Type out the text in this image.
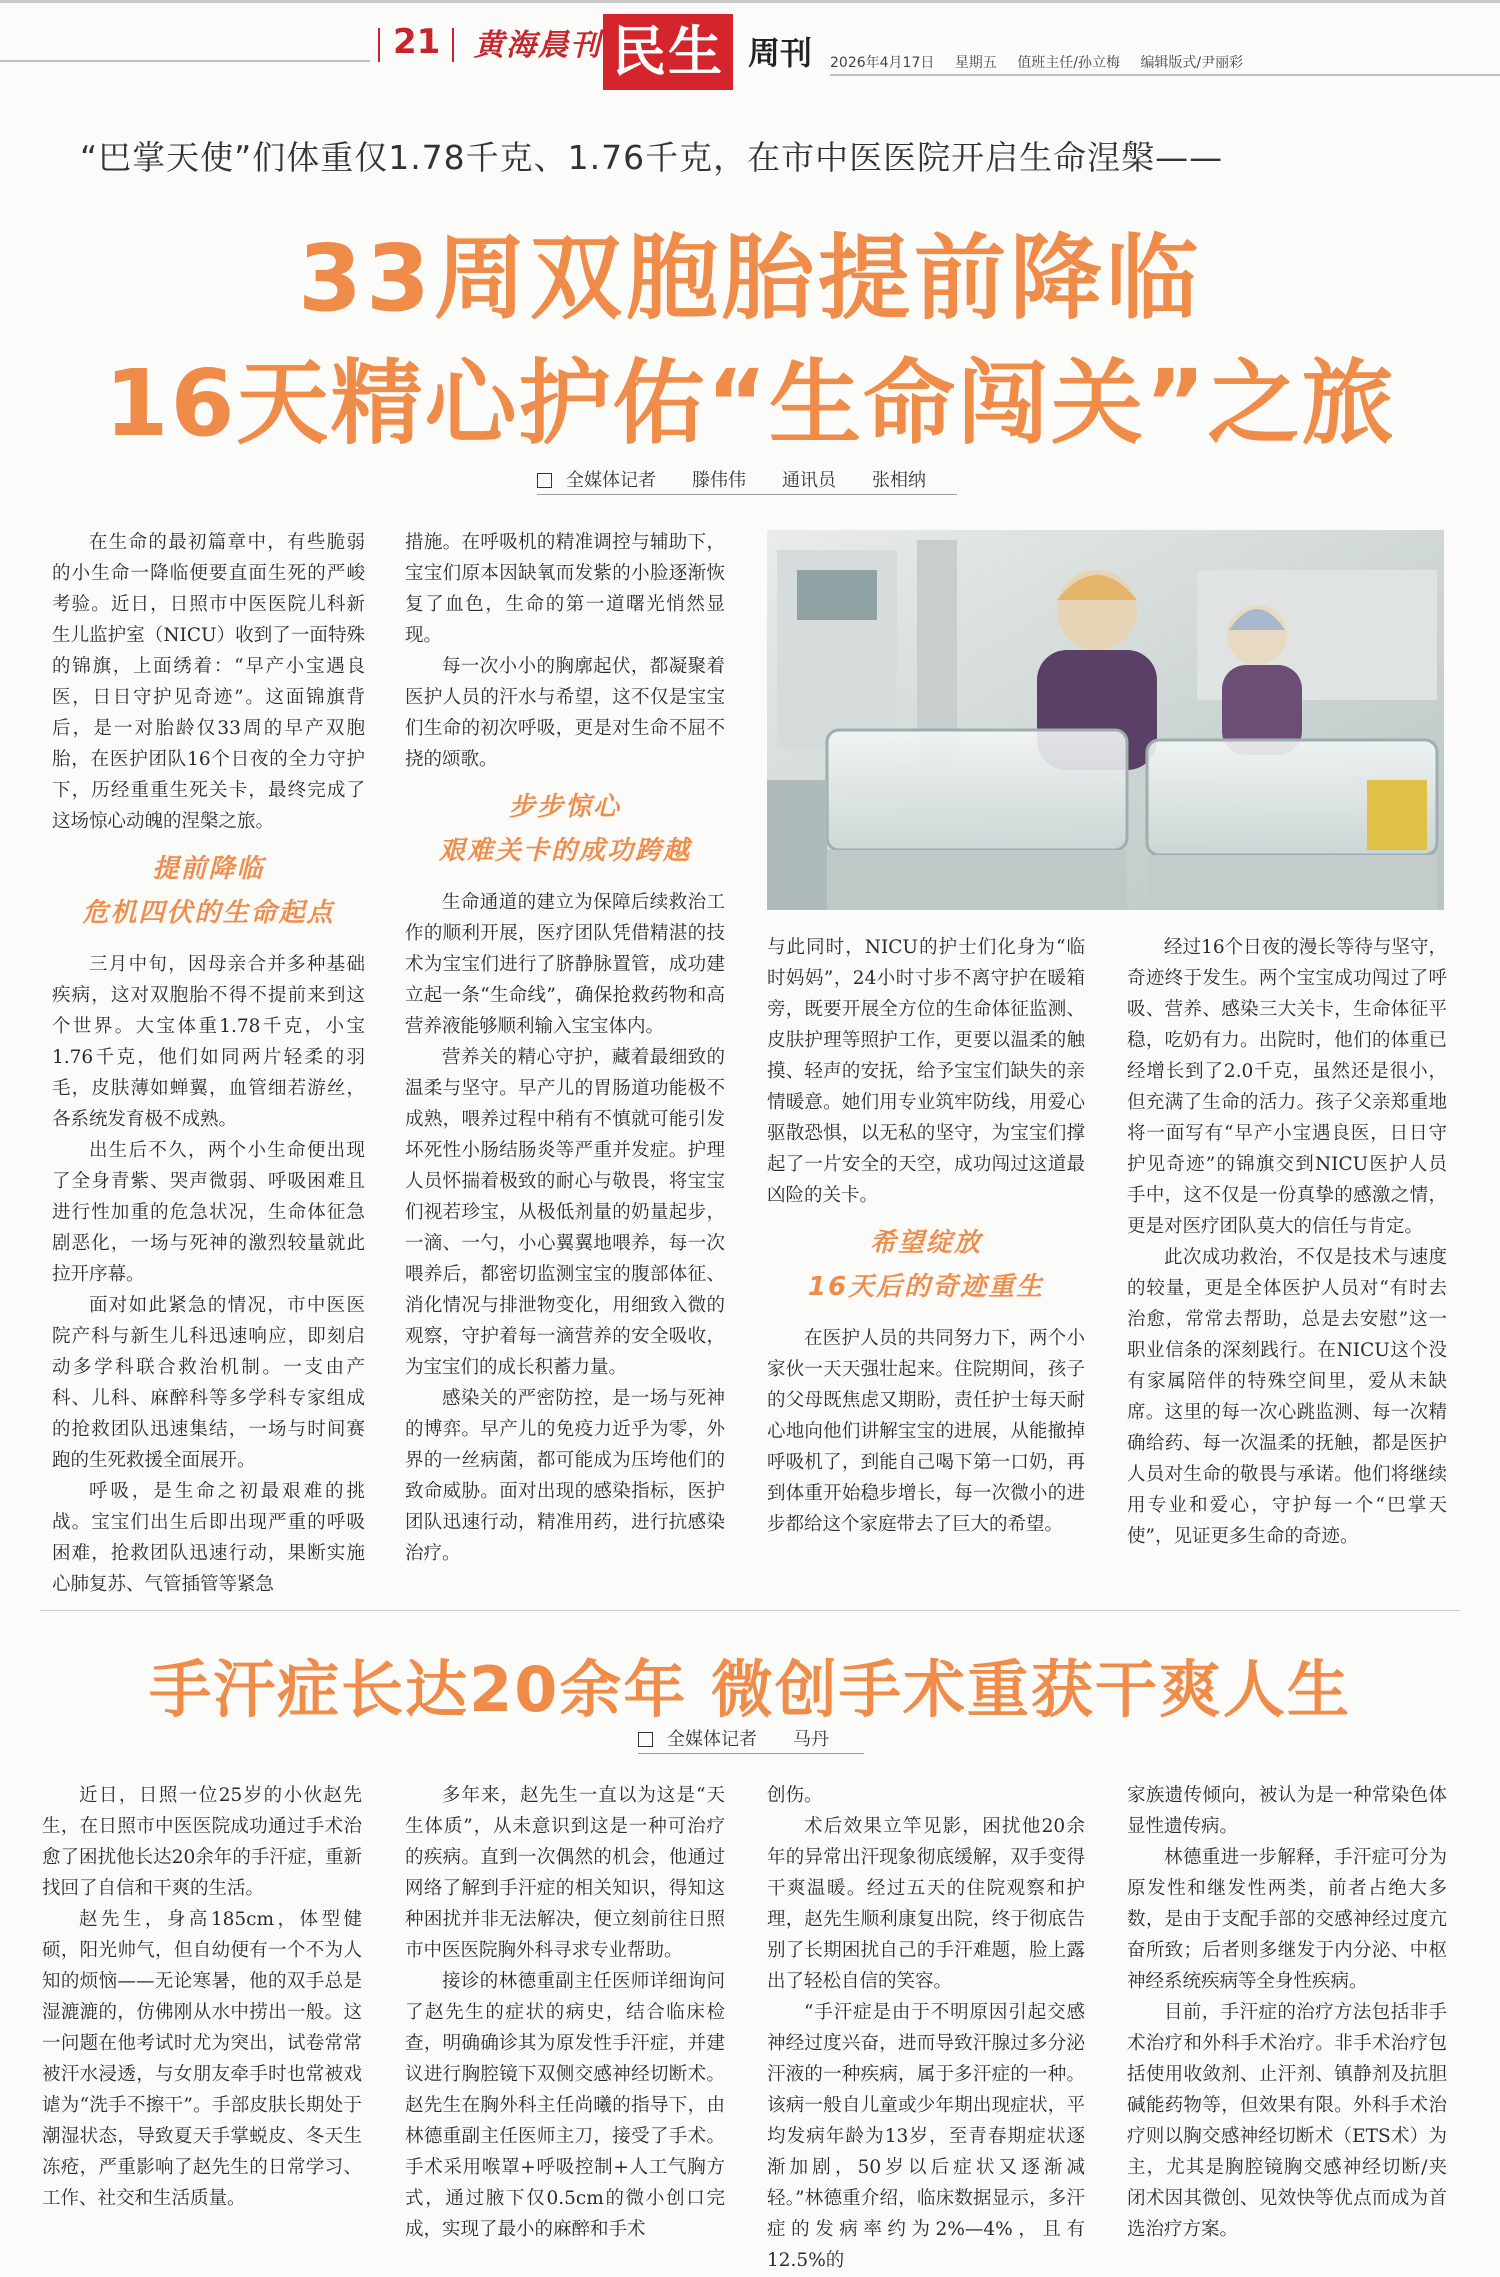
21 黄海晨刊 民生 周刊 2026年4月17日 星期五 值班主任/孙立梅 编辑版式/尹丽彩
“巴掌天使”们体重仅1.78千克、1.76千克，在市中医医院开启生命涅槃——
33周双胞胎提前降临
16天精心护佑“生命闯关”之旅
全媒体记者 滕伟伟 通讯员 张相纳

在生命的最初篇章中，有些脆弱的小生命一降临便要直面生死的严峻考验。近日，日照市中医医院儿科新生儿监护室（NICU）收到了一面特殊的锦旗，上面绣着：“早产小宝遇良医，日日守护见奇迹”。这面锦旗背后，是一对胎龄仅33周的早产双胞胎，在医护团队16个日夜的全力守护下，历经重重生死关卡，最终完成了这场惊心动魄的涅槃之旅。

提前降临
危机四伏的生命起点

三月中旬，因母亲合并多种基础疾病，这对双胞胎不得不提前来到这个世界。大宝体重1.78千克，小宝1.76千克，他们如同两片轻柔的羽毛，皮肤薄如蝉翼，血管细若游丝，各系统发育极不成熟。

出生后不久，两个小生命便出现了全身青紫、哭声微弱、呼吸困难且进行性加重的危急状况，生命体征急剧恶化，一场与死神的激烈较量就此拉开序幕。

面对如此紧急的情况，市中医医院产科与新生儿科迅速响应，即刻启动多学科联合救治机制。一支由产科、儿科、麻醉科等多学科专家组成的抢救团队迅速集结，一场与时间赛跑的生死救援全面展开。

呼吸，是生命之初最艰难的挑战。宝宝们出生后即出现严重的呼吸困难，抢救团队迅速行动，果断实施心肺复苏、气管插管等紧急

措施。在呼吸机的精准调控与辅助下，宝宝们原本因缺氧而发紫的小脸逐渐恢复了血色，生命的第一道曙光悄然显现。

每一次小小的胸廓起伏，都凝聚着医护人员的汗水与希望，这不仅是宝宝们生命的初次呼吸，更是对生命不屈不挠的颂歌。

步步惊心
艰难关卡的成功跨越

生命通道的建立为保障后续救治工作的顺利开展，医疗团队凭借精湛的技术为宝宝们进行了脐静脉置管，成功建立起一条“生命线”，确保抢救药物和高营养液能够顺利输入宝宝体内。

营养关的精心守护，藏着最细致的温柔与坚守。早产儿的胃肠道功能极不成熟，喂养过程中稍有不慎就可能引发坏死性小肠结肠炎等严重并发症。护理人员怀揣着极致的耐心与敬畏，将宝宝们视若珍宝，从极低剂量的奶量起步，一滴、一勺，小心翼翼地喂养，每一次喂养后，都密切监测宝宝的腹部体征、消化情况与排泄物变化，用细致入微的观察，守护着每一滴营养的安全吸收，为宝宝们的成长积蓄力量。

感染关的严密防控，是一场与死神的博弈。早产儿的免疫力近乎为零，外界的一丝病菌，都可能成为压垮他们的致命威胁。面对出现的感染指标，医护团队迅速行动，精准用药，进行抗感染治疗。

与此同时，NICU的护士们化身为“临时妈妈”，24小时寸步不离守护在暖箱旁，既要开展全方位的生命体征监测、皮肤护理等照护工作，更要以温柔的触摸、轻声的安抚，给予宝宝们缺失的亲情暖意。她们用专业筑牢防线，用爱心驱散恐惧，以无私的坚守，为宝宝们撑起了一片安全的天空，成功闯过这道最凶险的关卡。

希望绽放
16天后的奇迹重生

在医护人员的共同努力下，两个小家伙一天天强壮起来。住院期间，孩子的父母既焦虑又期盼，责任护士每天耐心地向他们讲解宝宝的进展，从能撤掉呼吸机了，到能自己喝下第一口奶，再到体重开始稳步增长，每一次微小的进步都给这个家庭带去了巨大的希望。

经过16个日夜的漫长等待与坚守，奇迹终于发生。两个宝宝成功闯过了呼吸、营养、感染三大关卡，生命体征平稳，吃奶有力。出院时，他们的体重已经增长到了2.0千克，虽然还是很小，但充满了生命的活力。孩子父亲郑重地将一面写有“早产小宝遇良医，日日守护见奇迹”的锦旗交到NICU医护人员手中，这不仅是一份真挚的感激之情，更是对医疗团队莫大的信任与肯定。

此次成功救治，不仅是技术与速度的较量，更是全体医护人员对“有时去治愈，常常去帮助，总是去安慰”这一职业信条的深刻践行。在NICU这个没有家属陪伴的特殊空间里，爱从未缺席。这里的每一次心跳监测、每一次精确给药、每一次温柔的抚触，都是医护人员对生命的敬畏与承诺。他们将继续用专业和爱心，守护每一个“巴掌天使”，见证更多生命的奇迹。

手汗症长达20余年 微创手术重获干爽人生
全媒体记者 马丹

近日，日照一位25岁的小伙赵先生，在日照市中医医院成功通过手术治愈了困扰他长达20余年的手汗症，重新找回了自信和干爽的生活。

赵先生，身高185cm，体型健硕，阳光帅气，但自幼便有一个不为人知的烦恼——无论寒暑，他的双手总是湿漉漉的，仿佛刚从水中捞出一般。这一问题在他考试时尤为突出，试卷常常被汗水浸透，与女朋友牵手时也常被戏谑为“洗手不擦干”。手部皮肤长期处于潮湿状态，导致夏天手掌蜕皮、冬天生冻疮，严重影响了赵先生的日常学习、工作、社交和生活质量。

多年来，赵先生一直以为这是“天生体质”，从未意识到这是一种可治疗的疾病。直到一次偶然的机会，他通过网络了解到手汗症的相关知识，得知这种困扰并非无法解决，便立刻前往日照市中医医院胸外科寻求专业帮助。

接诊的林德重副主任医师详细询问了赵先生的症状的病史，结合临床检查，明确确诊其为原发性手汗症，并建议进行胸腔镜下双侧交感神经切断术。赵先生在胸外科主任尚曦的指导下，由林德重副主任医师主刀，接受了手术。手术采用喉罩+呼吸控制+人工气胸方式，通过腋下仅0.5cm的微小创口完成，实现了最小的麻醉和手术

创伤。

术后效果立竿见影，困扰他20余年的异常出汗现象彻底缓解，双手变得干爽温暖。经过五天的住院观察和护理，赵先生顺利康复出院，终于彻底告别了长期困扰自己的手汗难题，脸上露出了轻松自信的笑容。

“手汗症是由于不明原因引起交感神经过度兴奋，进而导致汗腺过多分泌汗液的一种疾病，属于多汗症的一种。该病一般自儿童或少年期出现症状，平均发病年龄为13岁，至青春期症状逐渐加剧，50岁以后症状又逐渐减轻。”林德重介绍，临床数据显示，多汗症的发病率约为2%—4%，且有12.5%的

家族遗传倾向，被认为是一种常染色体显性遗传病。

林德重进一步解释，手汗症可分为原发性和继发性两类，前者占绝大多数，是由于支配手部的交感神经过度亢奋所致；后者则多继发于内分泌、中枢神经系统疾病等全身性疾病。

目前，手汗症的治疗方法包括非手术治疗和外科手术治疗。非手术治疗包括使用收敛剂、止汗剂、镇静剂及抗胆碱能药物等，但效果有限。外科手术治疗则以胸交感神经切断术（ETS术）为主，尤其是胸腔镜胸交感神经切断/夹闭术因其微创、见效快等优点而成为首选治疗方案。
